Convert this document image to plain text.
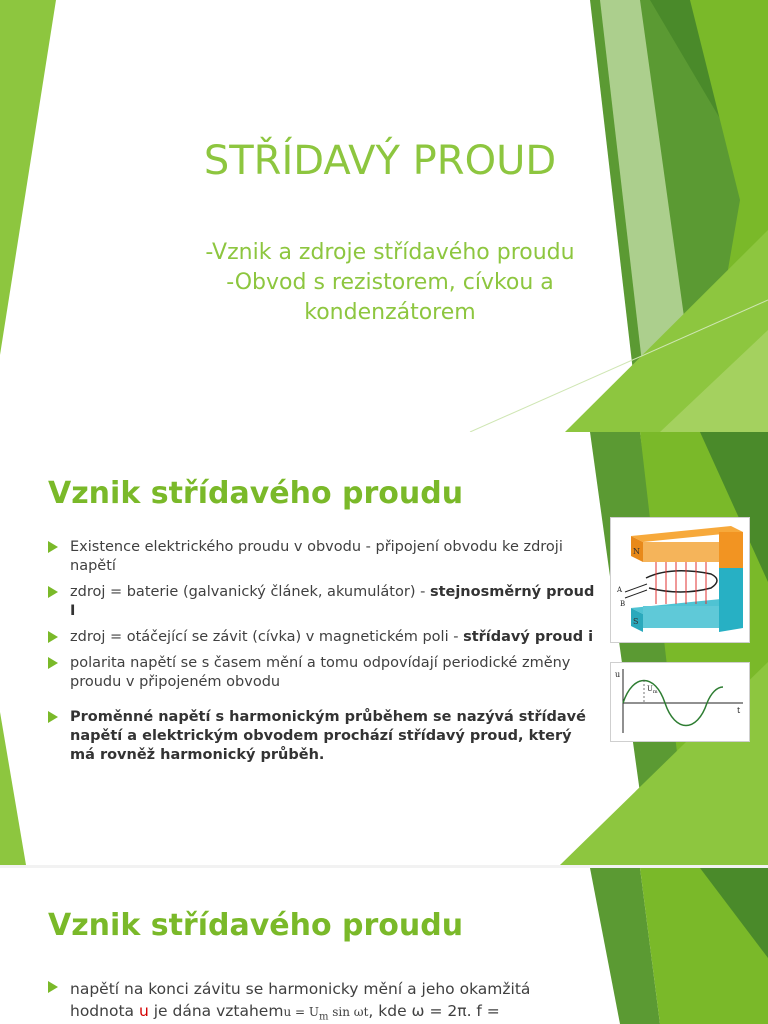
STŘÍDAVÝ PROUD
-Vznik a zdroje střídavého proudu
-Obvod s rezistorem, cívkou a
kondenzátorem
Vznik střídavého proudu
Existence elektrického proudu v obvodu - připojení obvodu ke zdroji napětí
zdroj = baterie (galvanický článek, akumulátor) - stejnosměrný proud I
zdroj = otáčející se závit (cívka) v magnetickém poli - střídavý proud i
polarita napětí se s časem mění a tomu odpovídají periodické změny proudu v připojeném obvodu
Proměnné napětí s harmonickým průběhem se nazývá střídavé napětí a elektrickým obvodem prochází střídavý proud, který má rovněž harmonický průběh.
N
S
A
B
u
$U_m$
t
Vznik střídavého proudu
napětí na konci závitu se harmonicky mění a jeho okamžitá
hodnota u je dána vztahemu = $U_m$ sin ωt, kde ω = 2π. f =
